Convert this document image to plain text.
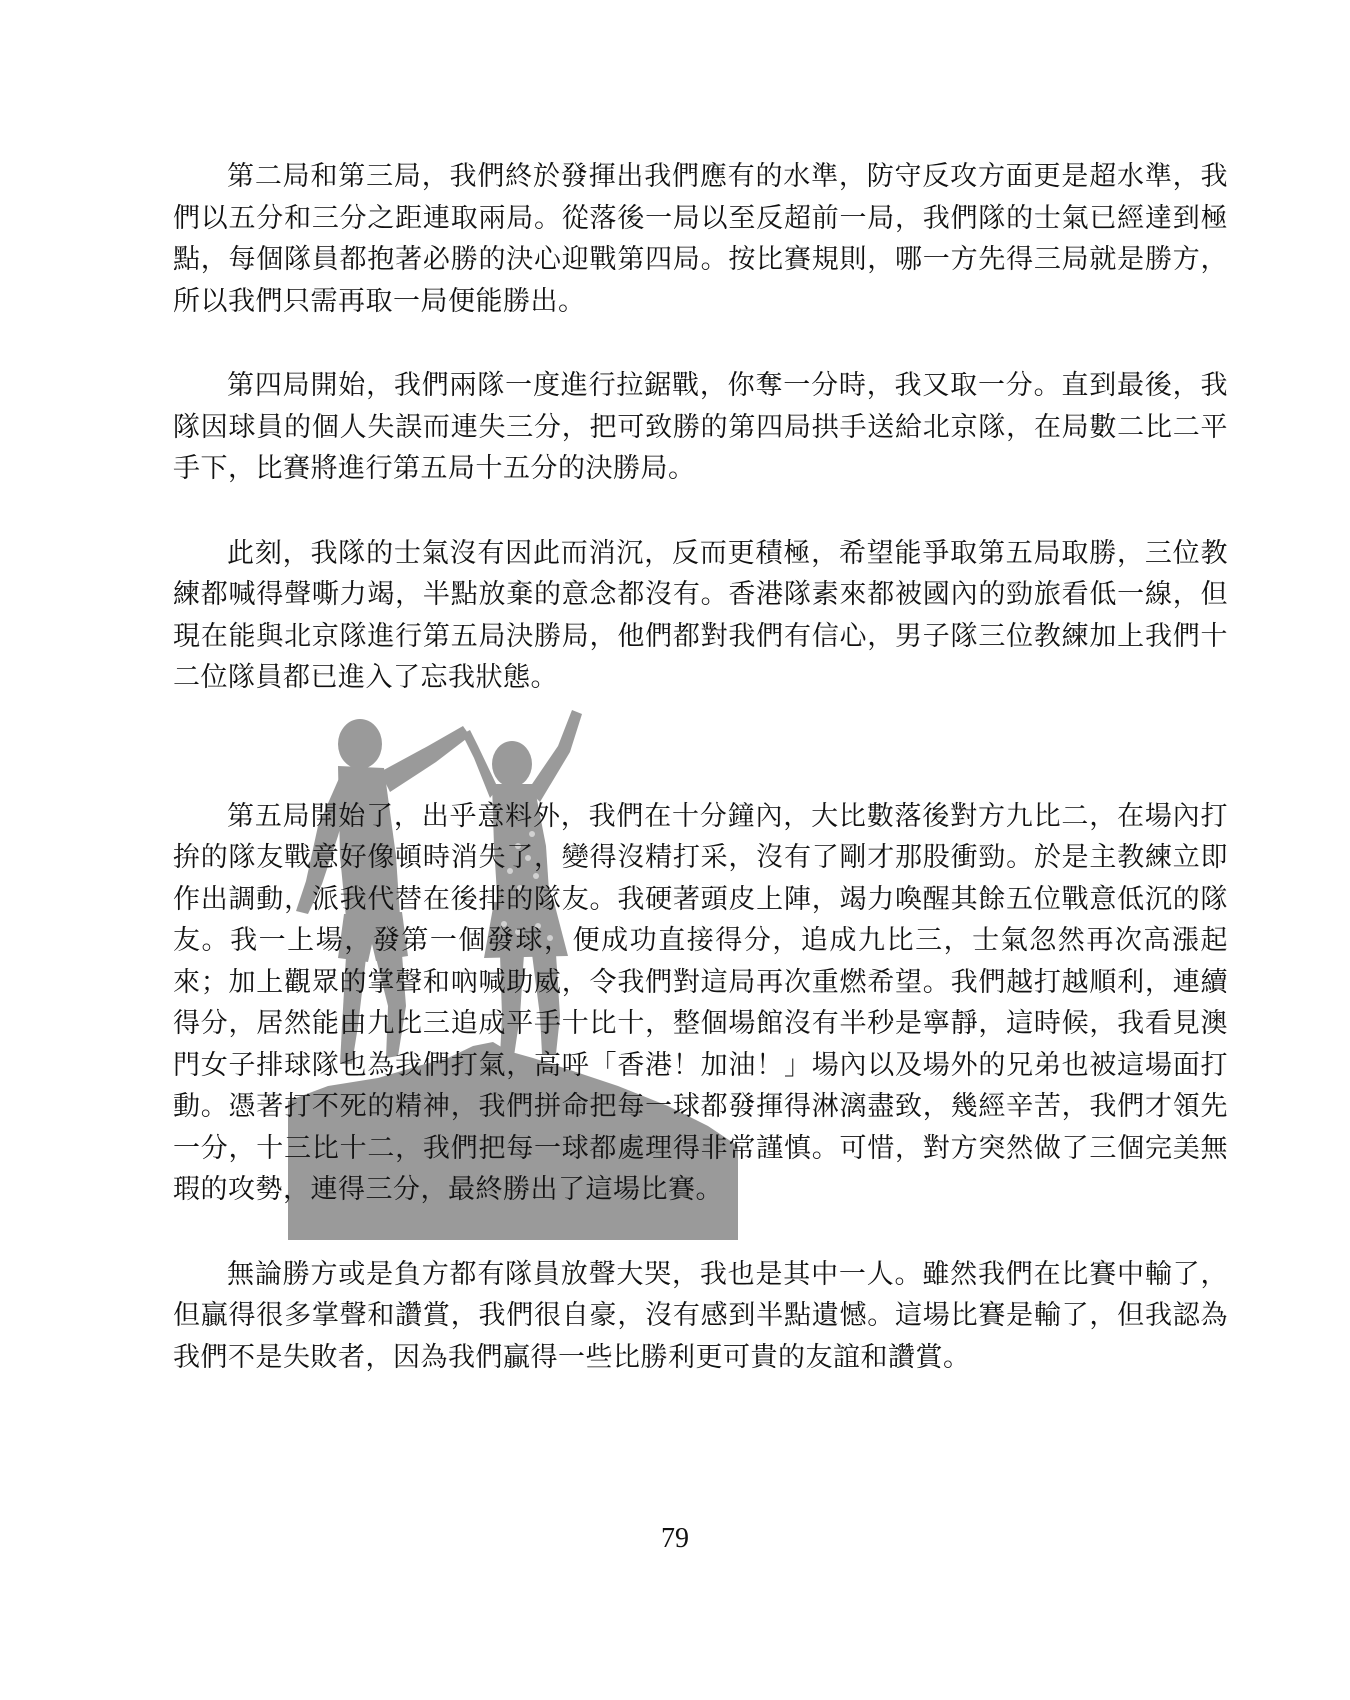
第二局和第三局，我們終於發揮出我們應有的水準，防守反攻方面更是超水準，我們以五分和三分之距連取兩局。從落後一局以至反超前一局，我們隊的士氣已經達到極點，每個隊員都抱著必勝的決心迎戰第四局。按比賽規則，哪一方先得三局就是勝方，所以我們只需再取一局便能勝出。

第四局開始，我們兩隊一度進行拉鋸戰，你奪一分時，我又取一分。直到最後，我隊因球員的個人失誤而連失三分，把可致勝的第四局拱手送給北京隊，在局數二比二平手下，比賽將進行第五局十五分的決勝局。

此刻，我隊的士氣沒有因此而消沉，反而更積極，希望能爭取第五局取勝，三位教練都喊得聲嘶力竭，半點放棄的意念都沒有。香港隊素來都被國內的勁旅看低一線，但現在能與北京隊進行第五局決勝局，他們都對我們有信心，男子隊三位教練加上我們十二位隊員都已進入了忘我狀態。

第五局開始了，出乎意料外，我們在十分鐘內，大比數落後對方九比二，在場內打拚的隊友戰意好像頓時消失了，變得沒精打采，沒有了剛才那股衝勁。於是主教練立即作出調動，派我代替在後排的隊友。我硬著頭皮上陣，竭力喚醒其餘五位戰意低沉的隊友。我一上場，發第一個發球，便成功直接得分，追成九比三，士氣忽然再次高漲起來；加上觀眾的掌聲和吶喊助威，令我們對這局再次重燃希望。我們越打越順利，連續得分，居然能由九比三追成平手十比十，整個場館沒有半秒是寧靜，這時候，我看見澳門女子排球隊也為我們打氣，高呼「香港！加油！」場內以及場外的兄弟也被這場面打動。憑著打不死的精神，我們拼命把每一球都發揮得淋漓盡致，幾經辛苦，我們才領先一分，十三比十二，我們把每一球都處理得非常謹慎。可惜，對方突然做了三個完美無瑕的攻勢，連得三分，最終勝出了這場比賽。

無論勝方或是負方都有隊員放聲大哭，我也是其中一人。雖然我們在比賽中輸了，但贏得很多掌聲和讚賞，我們很自豪，沒有感到半點遺憾。這場比賽是輸了，但我認為我們不是失敗者，因為我們贏得一些比勝利更可貴的友誼和讚賞。

79
